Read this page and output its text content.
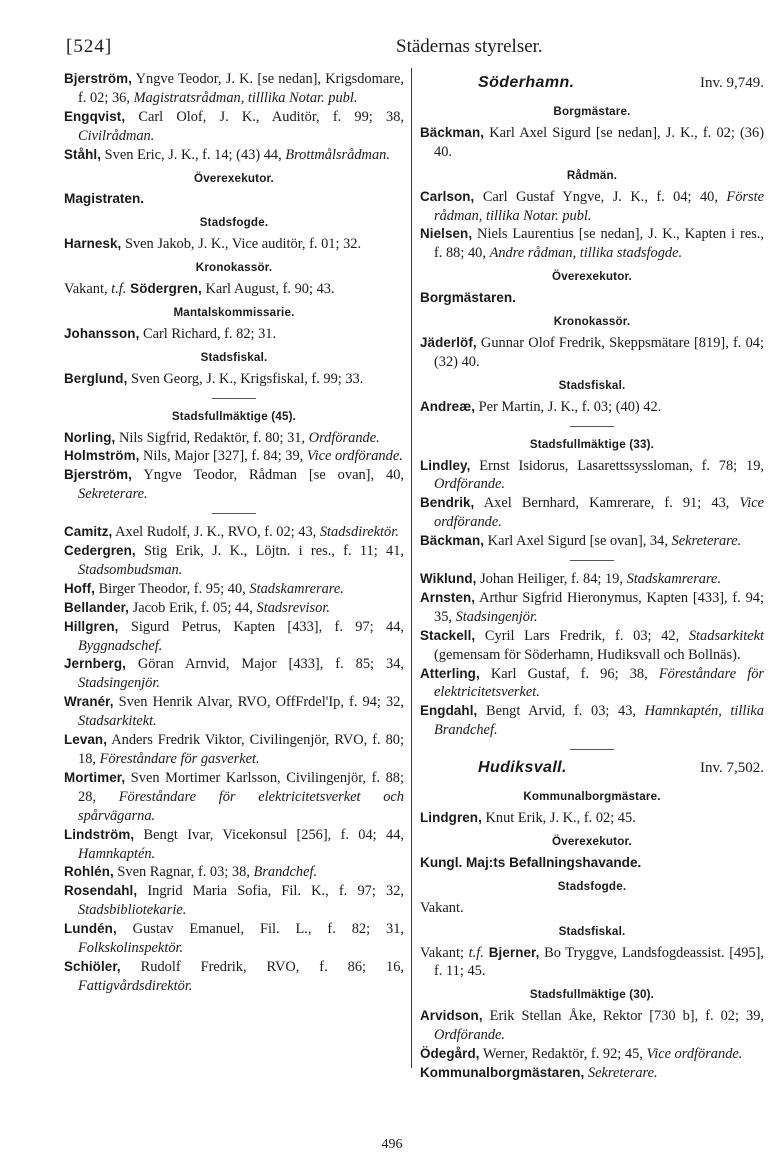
[524]	Städernas styrelser.
Bjerström, Yngve Teodor, J. K. [se nedan], Krigsdomare, f. 02; 36, Magistratsrådman, tilllika Notar. publ.
Engqvist, Carl Olof, J. K., Auditör, f. 99; 38, Civilrådman.
Ståhl, Sven Eric, J. K., f. 14; (43) 44, Brottmålsrådman.
Överexekutor.
Magistraten.
Stadsfogde.
Harnesk, Sven Jakob, J. K., Vice auditör, f. 01; 32.
Kronokassör.
Vakant, t.f. Södergren, Karl August, f. 90; 43.
Mantalskommissarie.
Johansson, Carl Richard, f. 82; 31.
Stadsfiskal.
Berglund, Sven Georg, J. K., Krigsfiskal, f. 99; 33.
Stadsfullmäktige (45).
Norling, Nils Sigfrid, Redaktör, f. 80; 31, Ordförande.
Holmström, Nils, Major [327], f. 84; 39, Vice ordförande.
Bjerström, Yngve Teodor, Rådman [se ovan], 40, Sekreterare.
Camitz, Axel Rudolf, J. K., RVO, f. 02; 43, Stadsdirektör.
Cedergren, Stig Erik, J. K., Löjtn. i res., f. 11; 41, Stadsombudsman.
Hoff, Birger Theodor, f. 95; 40, Stadskamrerare.
Bellander, Jacob Erik, f. 05; 44, Stadsrevisor.
Hillgren, Sigurd Petrus, Kapten [433], f. 97; 44, Byggnadschef.
Jernberg, Göran Arnvid, Major [433], f. 85; 34, Stadsingenjör.
Wranér, Sven Henrik Alvar, RVO, OffFrdel'Ip, f. 94; 32, Stadsarkitekt.
Levan, Anders Fredrik Viktor, Civilingenjör, RVO, f. 80; 18, Föreståndare för gasverket.
Mortimer, Sven Mortimer Karlsson, Civilingenjör, f. 88; 28, Föreståndare för elektricitetsverket och spårvägarna.
Lindström, Bengt Ivar, Vicekonsul [256], f. 04; 44, Hamnkaptén.
Rohlén, Sven Ragnar, f. 03; 38, Brandchef.
Rosendahl, Ingrid Maria Sofia, Fil. K., f. 97; 32, Stadsbibliotekarie.
Lundén, Gustav Emanuel, Fil. L., f. 82; 31, Folkskolinspektör.
Schiöler, Rudolf Fredrik, RVO, f. 86; 16, Fattigvårdsdirektör.
Söderhamn.	Inv. 9,749.
Borgmästare.
Bäckman, Karl Axel Sigurd [se nedan], J. K., f. 02; (36) 40.
Rådmän.
Carlson, Carl Gustaf Yngve, J. K., f. 04; 40, Förste rådman, tillika Notar. publ.
Nielsen, Niels Laurentius [se nedan], J. K., Kapten i res., f. 88; 40, Andre rådman, tillika stadsfogde.
Överexekutor.
Borgmästaren.
Kronokassör.
Jäderlöf, Gunnar Olof Fredrik, Skeppsmätare [819], f. 04; (32) 40.
Stadsfiskal.
Andreæ, Per Martin, J. K., f. 03; (40) 42.
Stadsfullmäktige (33).
Lindley, Ernst Isidorus, Lasarettssyssloman, f. 78; 19, Ordförande.
Bendrik, Axel Bernhard, Kamrerare, f. 91; 43, Vice ordförande.
Bäckman, Karl Axel Sigurd [se ovan], 34, Sekreterare.
Wiklund, Johan Heiliger, f. 84; 19, Stadskamrerare.
Arnsten, Arthur Sigfrid Hieronymus, Kapten [433], f. 94; 35, Stadsingenjör.
Stackell, Cyril Lars Fredrik, f. 03; 42, Stadsarkitekt (gemensam för Söderhamn, Hudiksvall och Bollnäs).
Atterling, Karl Gustaf, f. 96; 38, Föreståndare för elektricitetsverket.
Engdahl, Bengt Arvid, f. 03; 43, Hamnkaptén, tillika Brandchef.
Hudiksvall.	Inv. 7,502.
Kommunalborgmästare.
Lindgren, Knut Erik, J. K., f. 02; 45.
Överexekutor.
Kungl. Maj:ts Befallningshavande.
Stadsfogde.
Vakant.
Stadsfiskal.
Vakant; t.f. Bjerner, Bo Tryggve, Landsfogdeassist. [495], f. 11; 45.
Stadsfullmäktige (30).
Arvidson, Erik Stellan Åke, Rektor [730 b], f. 02; 39, Ordförande.
Ödegård, Werner, Redaktör, f. 92; 45, Vice ordförande.
Kommunalborgmästaren, Sekreterare.
496
